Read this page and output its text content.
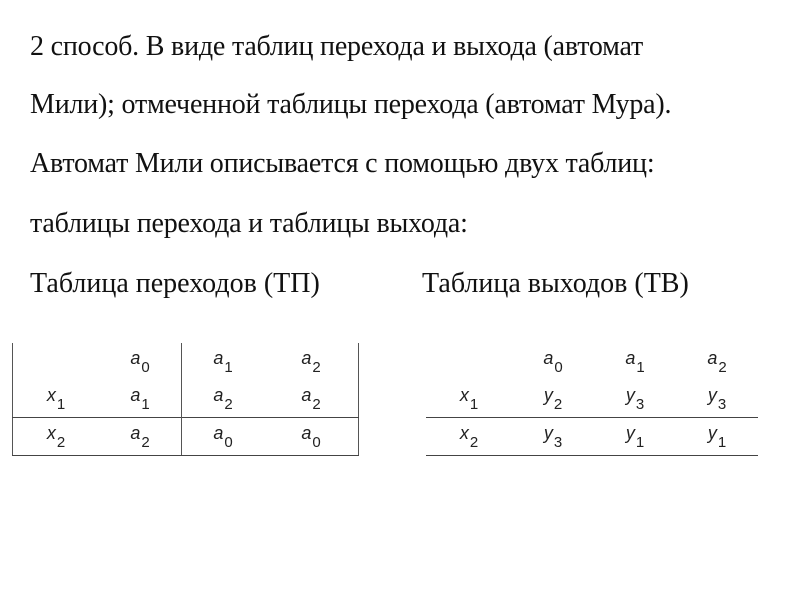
2 способ. В виде таблиц перехода и выхода (автомат
Мили); отмеченной таблицы перехода (автомат Мура).
Автомат Мили описывается с помощью двух таблиц:
таблицы перехода и таблицы выхода:
Таблица переходов (ТП)	Таблица выходов (ТВ)
	$a_0$	$a_1$	$a_2$
$x_1$	$a_1$	$a_2$	$a_2$
$x_2$	$a_2$	$a_0$	$a_0$
	$a_0$	$a_1$	$a_2$
$x_1$	$y_2$	$y_3$	$y_3$
$x_2$	$y_3$	$y_1$	$y_1$
